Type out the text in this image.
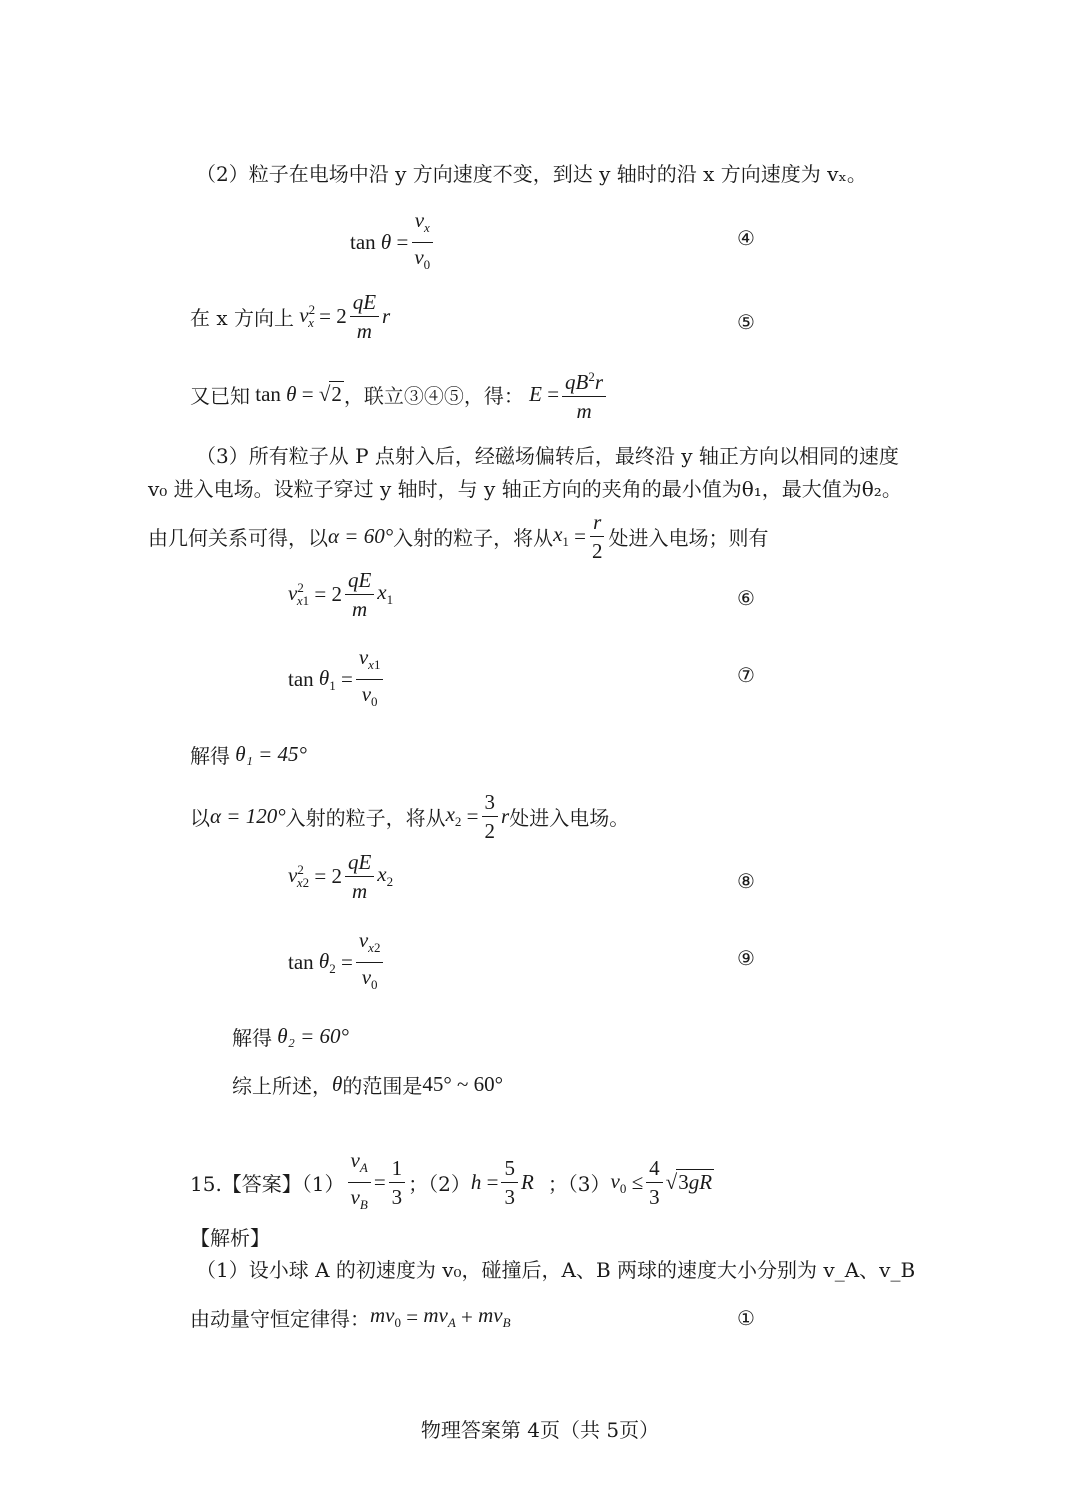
（2）粒子在电场中沿 y 方向速度不变，到达 y 轴时的沿 x 方向速度为 vₓ。
$\tan \theta = \frac{v_x}{v_0}$	④
在 x 方向上 $v^2_x = 2 \frac{qE}{m}$ r	⑤
又已知 tan θ = √2 ，联立③④⑤，得： $E = \frac{qB^2r}{m}$
（3）所有粒子从 P 点射入后，经磁场偏转后，最终沿 y 轴正方向以相同的速度
v₀ 进入电场。设粒子穿过 y 轴时，与 y 轴正方向的夹角的最小值为θ₁，最大值为θ₂。
由几何关系可得，以 α = 60° 入射的粒子，将从 $x_1 = \frac{r}{2}$ 处进入电场；则有
$v^2_{x1} = 2 \frac{qE}{m} x_1$	⑥
$\tan \theta_1 = \frac{v_{x1}}{v_0}$	⑦
解得
θ₁ = 45°
以 α = 120° 入射的粒子，将从 $x_2 = \frac{3}{2}$ r 处进入电场。
$v^2_{x2} = 2 \frac{qE}{m} x_2$	⑧
$\tan \theta_2 = \frac{v_{x2}}{v_0}$	⑨
解得
θ₂ = 60°
综上所述， θ 的范围是 45° ~ 60°
15.【答案】$(1) \frac{v_A}{v_B} = \frac{1}{3}$ ；（2） $h = \frac{5}{3}$ R ；（3） $v_0 \le \frac{4}{3} √3gR$
【解析】
（1）设小球 A 的初速度为 v₀，碰撞后，A、B 两球的速度大小分别为 v_A、v_B
由动量守恒定律得： $mv_0 = mv_A + mv_B$	①
物理答案第 4页（共 5页）
